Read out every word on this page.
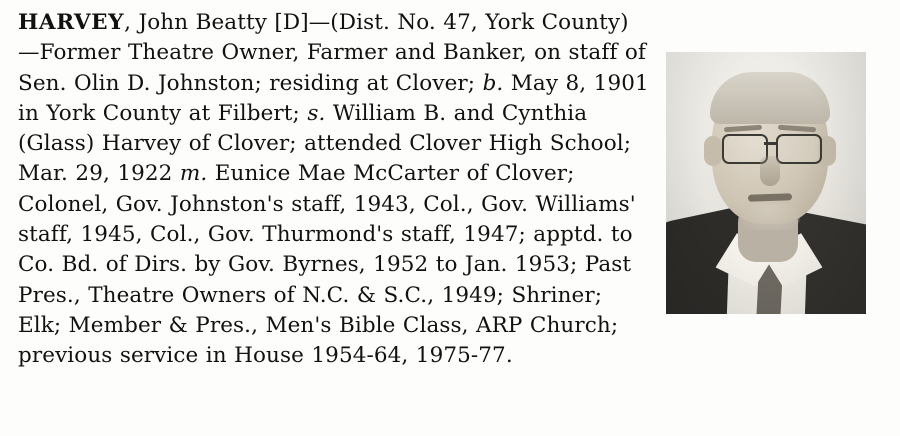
HARVEY, John Beatty [D]—(Dist. No. 47, York County)—Former Theatre Owner, Farmer and Banker, on staff of Sen. Olin D. Johnston; residing at Clover; b. May 8, 1901 in York County at Filbert; s. William B. and Cynthia (Glass) Harvey of Clover; attended Clover High School; Mar. 29, 1922 m. Eunice Mae McCarter of Clover; Colonel, Gov. Johnston's staff, 1943, Col., Gov. Williams' staff, 1945, Col., Gov. Thurmond's staff, 1947; apptd. to Co. Bd. of Dirs. by Gov. Byrnes, 1952 to Jan. 1953; Past Pres., Theatre Owners of N.C. & S.C., 1949; Shriner; Elk; Member & Pres., Men's Bible Class, ARP Church; previous service in House 1954-64, 1975-77.
